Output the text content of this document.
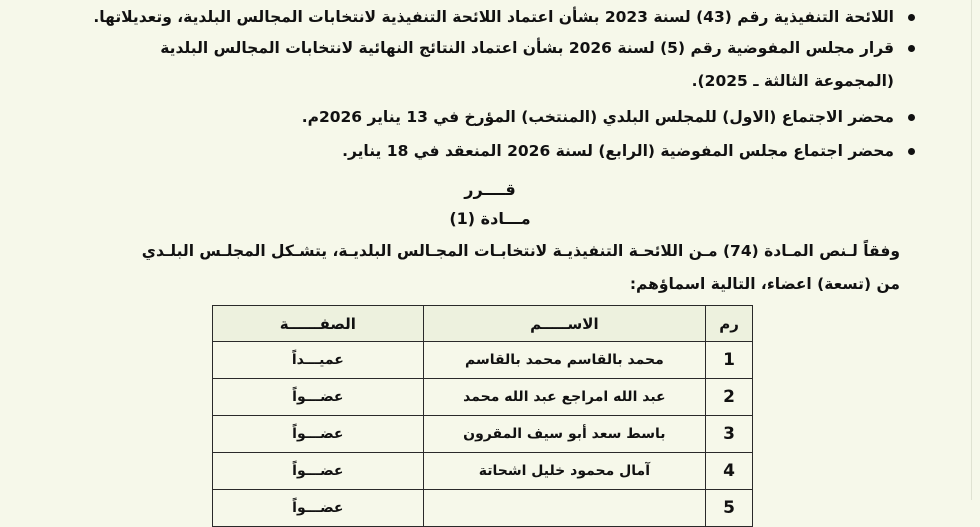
اللائحة التنفيذية رقم (43) لسنة 2023 بشأن اعتماد اللائحة التنفيذية لانتخابات المجالس البلدية، وتعديلاتها.
قرار مجلس المفوضية رقم (5) لسنة 2026 بشأن اعتماد النتائج النهائية لانتخابات المجالس البلدية
(المجموعة الثالثة ـ 2025).
محضر الاجتماع (الاول) للمجلس البلدي (المنتخب) المؤرخ في 13 يناير 2026م.
محضر اجتماع مجلس المفوضية (الرابع) لسنة 2026 المنعقد في 18 يناير.
قــــرر
مـــادة (1)
وفقاً لـنص المـادة (74) مـن اللائحـة التنفيذيـة لانتخابـات المجـالس البلديـة، يتشـكل المجلـس البلـدي
من (تسعة) اعضاء، التالية اسماؤهم:
رم	الاســـــم	الصفــــــة
1	محمد بالقاسم محمد بالقاسم	عميـــداً
2	عبد الله امراجع عبد الله محمد	عضـــواً
3	باسط سعد أبو سيف المقرون	عضـــواً
4	آمال محمود خليل اشحاتة	عضـــواً
5		عضـــواً
